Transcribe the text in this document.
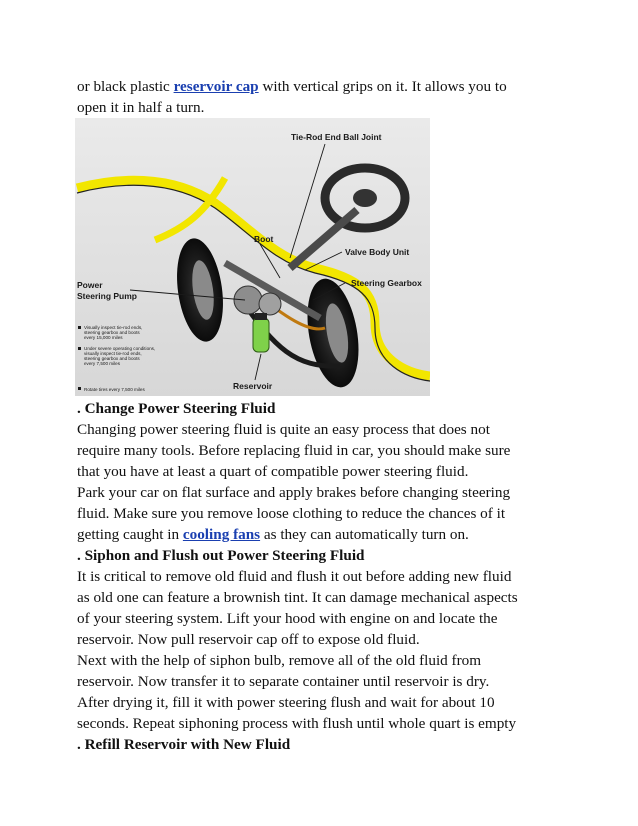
or black plastic reservoir cap with vertical grips on it. It allows you to
open it in half a turn.
Tie-Rod End Ball Joint
Boot
Valve Body Unit
Steering Gearbox
Power
Steering Pump
Reservoir
Visually inspect tie-rod ends,
steering gearbox and boots
every 15,000 miles
Under severe operating conditions,
visually inspect tie-rod ends,
steering gearbox and boots
every 7,500 miles
Rotate tires every 7,500 miles
. Change Power Steering Fluid
Changing power steering fluid is quite an easy process that does not
require many tools. Before replacing fluid in car, you should make sure
that you have at least a quart of compatible power steering fluid.
Park your car on flat surface and apply brakes before changing steering
fluid. Make sure you remove loose clothing to reduce the chances of it
getting caught in cooling fans as they can automatically turn on.
. Siphon and Flush out Power Steering Fluid
It is critical to remove old fluid and flush it out before adding new fluid
as old one can feature a brownish tint. It can damage mechanical aspects
of your steering system. Lift your hood with engine on and locate the
reservoir. Now pull reservoir cap off to expose old fluid.
Next with the help of siphon bulb, remove all of the old fluid from
reservoir. Now transfer it to separate container until reservoir is dry.
After drying it, fill it with power steering flush and wait for about 10
seconds. Repeat siphoning process with flush until whole quart is empty
. Refill Reservoir with New Fluid
